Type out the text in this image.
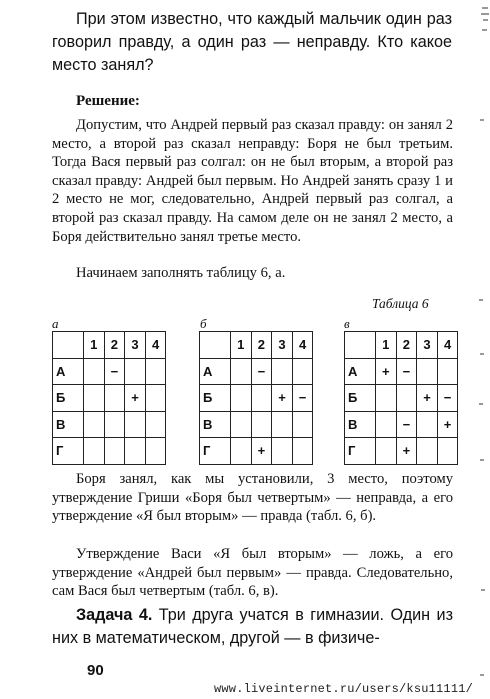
При этом известно, что каждый мальчик один раз говорил правду, а один раз — неправду. Кто какое место занял?

Решение:

Допустим, что Андрей первый раз сказал правду: он занял 2 место, а второй раз сказал неправду: Боря не был третьим. Тогда Вася первый раз солгал: он не был вторым, а второй раз сказал правду: Андрей был первым. Но Андрей занять сразу 1 и 2 место не мог, следовательно, Андрей первый раз солгал, а второй раз сказал правду. На самом деле он не занял 2 место, а Боря действительно занял третье место.

Начинаем заполнять таблицу 6, а.

Таблица 6

а
	1	2	3	4
А		−		
Б			+	
В				
Г				
б
	1	2	3	4
А		−		
Б			+	−
В				
Г		+		
в
	1	2	3	4
А	+	−		
Б			+	−
В		−		+
Г		+		

Боря занял, как мы установили, 3 место, поэтому утверждение Гриши «Боря был четвертым» — неправда, а его утверждение «Я был вторым» — правда (табл. 6, б).

Утверждение Васи «Я был вторым» — ложь, а его утверждение «Андрей был первым» — правда. Следовательно, сам Вася был четвертым (табл. 6, в).

Задача 4. Три друга учатся в гимназии. Один из них в математическом, другой — в физиче-

90
www.liveinternet.ru/users/ksu11111/
